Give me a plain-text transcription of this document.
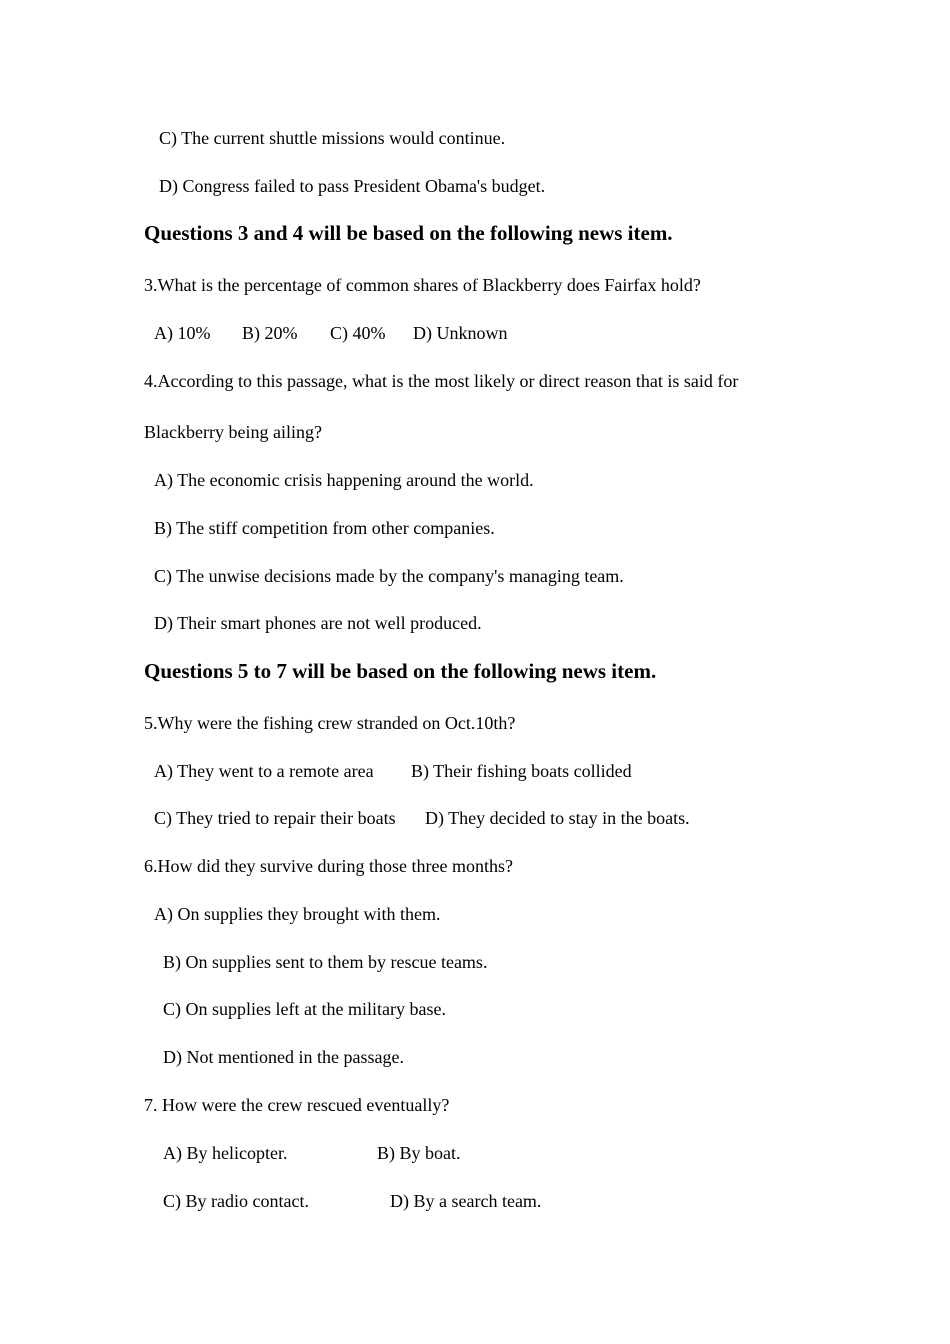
C) The current shuttle missions would continue.
D) Congress failed to pass President Obama's budget.
Questions 3 and 4 will be based on the following news item.
3.What is the percentage of common shares of Blackberry does Fairfax hold?
A) 10% B) 20% C) 40% D) Unknown
4.According to this passage, what is the most likely or direct reason that is said for
Blackberry being ailing?
A) The economic crisis happening around the world.
B) The stiff competition from other companies.
C) The unwise decisions made by the company's managing team.
D) Their smart phones are not well produced.
Questions 5 to 7 will be based on the following news item.
5.Why were the fishing crew stranded on Oct.10th?
A) They went to a remote area B) Their fishing boats collided
C) They tried to repair their boats D) They decided to stay in the boats.
6.How did they survive during those three months?
A) On supplies they brought with them.
B) On supplies sent to them by rescue teams.
C) On supplies left at the military base.
D) Not mentioned in the passage.
7. How were the crew rescued eventually?
A) By helicopter.	B) By boat.
C) By radio contact.	D) By a search team.
